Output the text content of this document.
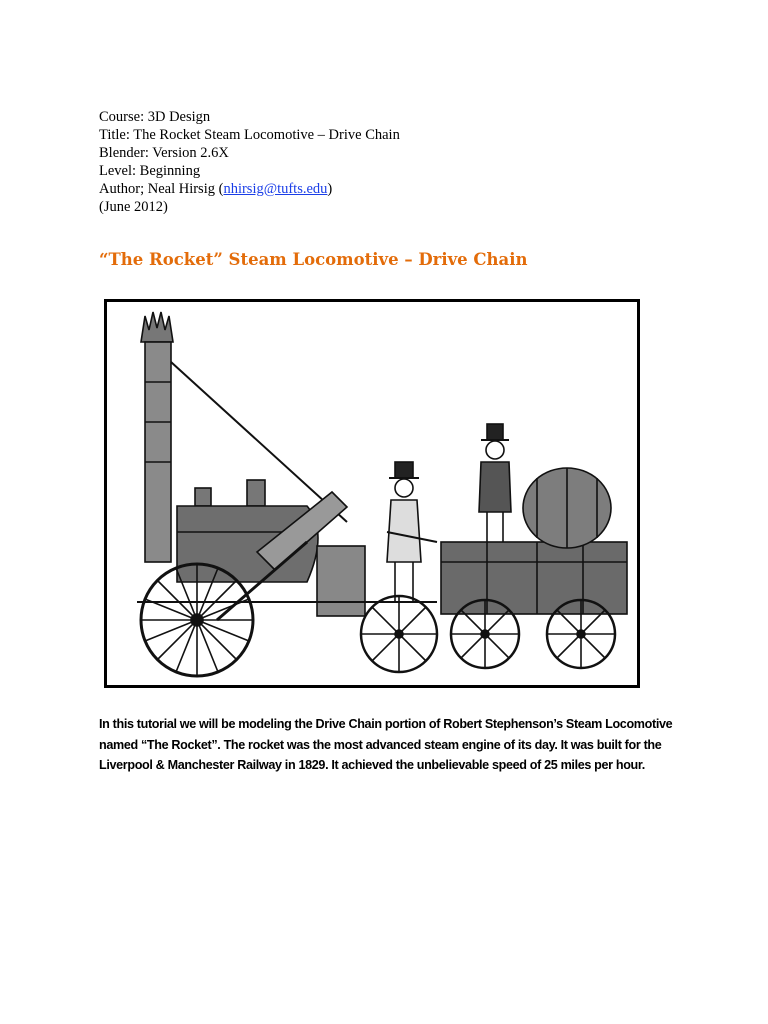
Course: 3D Design
Title: The Rocket Steam Locomotive – Drive Chain
Blender: Version 2.6X
Level: Beginning
Author; Neal Hirsig (nhirsig@tufts.edu)
(June 2012)
“The Rocket” Steam Locomotive – Drive Chain

In this tutorial we will be modeling the Drive Chain portion of Robert Stephenson’s Steam Locomotive named “The Rocket”. The rocket was the most advanced steam engine of its day. It was built for the Liverpool & Manchester Railway in 1829. It achieved the unbelievable speed of 25 miles per hour.
